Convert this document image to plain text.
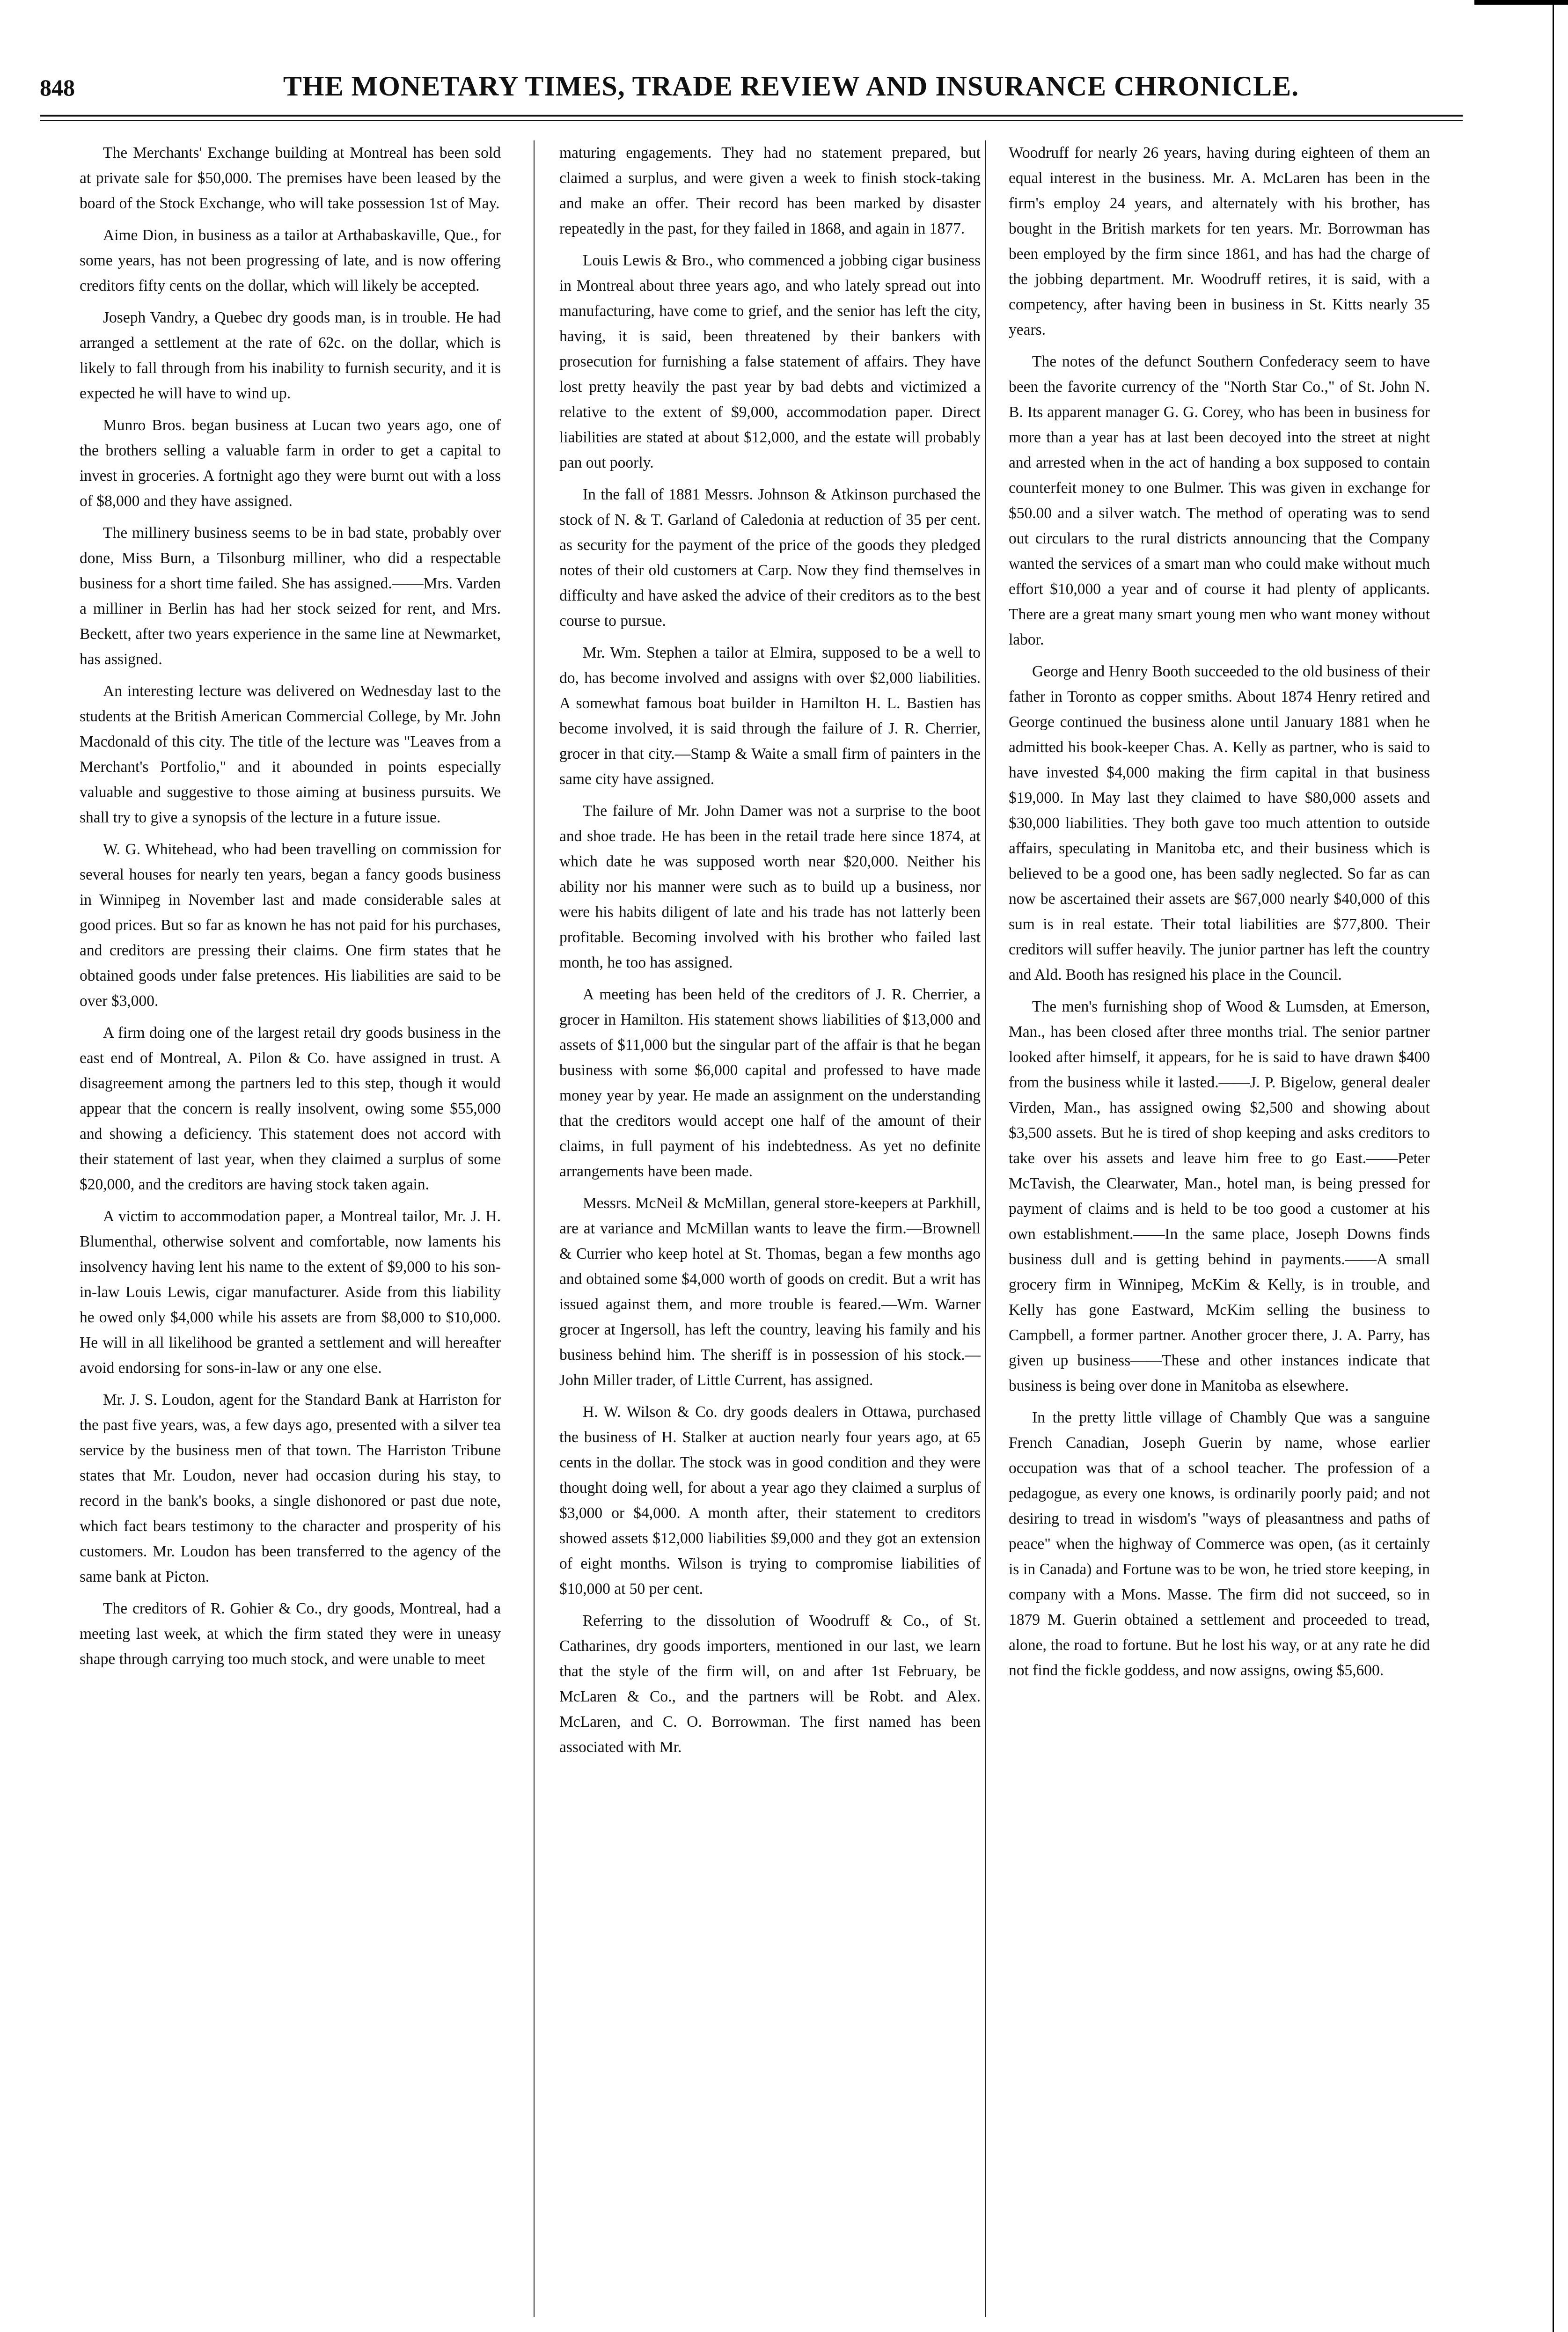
848	THE MONETARY TIMES, TRADE REVIEW AND INSURANCE CHRONICLE.

The Merchants' Exchange building at Montreal has been sold at private sale for $50,000. The premises have been leased by the board of the Stock Exchange, who will take possession 1st of May.

Aime Dion, in business as a tailor at Arthabaskaville, Que., for some years, has not been progressing of late, and is now offering creditors fifty cents on the dollar, which will likely be accepted.

Joseph Vandry, a Quebec dry goods man, is in trouble. He had arranged a settlement at the rate of 62c. on the dollar, which is likely to fall through from his inability to furnish security, and it is expected he will have to wind up.

Munro Bros. began business at Lucan two years ago, one of the brothers selling a valuable farm in order to get a capital to invest in groceries. A fortnight ago they were burnt out with a loss of $8,000 and they have assigned.

The millinery business seems to be in bad state, probably over done, Miss Burn, a Tilsonburg milliner, who did a respectable business for a short time failed. She has assigned.——Mrs. Varden a milliner in Berlin has had her stock seized for rent, and Mrs. Beckett, after two years experience in the same line at Newmarket, has assigned.

An interesting lecture was delivered on Wednesday last to the students at the British American Commercial College, by Mr. John Macdonald of this city. The title of the lecture was "Leaves from a Merchant's Portfolio," and it abounded in points especially valuable and suggestive to those aiming at business pursuits. We shall try to give a synopsis of the lecture in a future issue.

W. G. Whitehead, who had been travelling on commission for several houses for nearly ten years, began a fancy goods business in Winnipeg in November last and made considerable sales at good prices. But so far as known he has not paid for his purchases, and creditors are pressing their claims. One firm states that he obtained goods under false pretences. His liabilities are said to be over $3,000.

A firm doing one of the largest retail dry goods business in the east end of Montreal, A. Pilon & Co. have assigned in trust. A disagreement among the partners led to this step, though it would appear that the concern is really insolvent, owing some $55,000 and showing a deficiency. This statement does not accord with their statement of last year, when they claimed a surplus of some $20,000, and the creditors are having stock taken again.

A victim to accommodation paper, a Montreal tailor, Mr. J. H. Blumenthal, otherwise solvent and comfortable, now laments his insolvency having lent his name to the extent of $9,000 to his son-in-law Louis Lewis, cigar manufacturer. Aside from this liability he owed only $4,000 while his assets are from $8,000 to $10,000. He will in all likelihood be granted a settlement and will hereafter avoid endorsing for sons-in-law or any one else.

Mr. J. S. Loudon, agent for the Standard Bank at Harriston for the past five years, was, a few days ago, presented with a silver tea service by the business men of that town. The Harriston Tribune states that Mr. Loudon, never had occasion during his stay, to record in the bank's books, a single dishonored or past due note, which fact bears testimony to the character and prosperity of his customers. Mr. Loudon has been transferred to the agency of the same bank at Picton.

The creditors of R. Gohier & Co., dry goods, Montreal, had a meeting last week, at which the firm stated they were in uneasy shape through carrying too much stock, and were unable to meet

maturing engagements. They had no statement prepared, but claimed a surplus, and were given a week to finish stock-taking and make an offer. Their record has been marked by disaster repeatedly in the past, for they failed in 1868, and again in 1877.

Louis Lewis & Bro., who commenced a jobbing cigar business in Montreal about three years ago, and who lately spread out into manufacturing, have come to grief, and the senior has left the city, having, it is said, been threatened by their bankers with prosecution for furnishing a false statement of affairs. They have lost pretty heavily the past year by bad debts and victimized a relative to the extent of $9,000, accommodation paper. Direct liabilities are stated at about $12,000, and the estate will probably pan out poorly.

In the fall of 1881 Messrs. Johnson & Atkinson purchased the stock of N. & T. Garland of Caledonia at reduction of 35 per cent. as security for the payment of the price of the goods they pledged notes of their old customers at Carp. Now they find themselves in difficulty and have asked the advice of their creditors as to the best course to pursue.

Mr. Wm. Stephen a tailor at Elmira, supposed to be a well to do, has become involved and assigns with over $2,000 liabilities. A somewhat famous boat builder in Hamilton H. L. Bastien has become involved, it is said through the failure of J. R. Cherrier, grocer in that city.—Stamp & Waite a small firm of painters in the same city have assigned.

The failure of Mr. John Damer was not a surprise to the boot and shoe trade. He has been in the retail trade here since 1874, at which date he was supposed worth near $20,000. Neither his ability nor his manner were such as to build up a business, nor were his habits diligent of late and his trade has not latterly been profitable. Becoming involved with his brother who failed last month, he too has assigned.

A meeting has been held of the creditors of J. R. Cherrier, a grocer in Hamilton. His statement shows liabilities of $13,000 and assets of $11,000 but the singular part of the affair is that he began business with some $6,000 capital and professed to have made money year by year. He made an assignment on the understanding that the creditors would accept one half of the amount of their claims, in full payment of his indebtedness. As yet no definite arrangements have been made.

Messrs. McNeil & McMillan, general store-keepers at Parkhill, are at variance and McMillan wants to leave the firm.—Brownell & Currier who keep hotel at St. Thomas, began a few months ago and obtained some $4,000 worth of goods on credit. But a writ has issued against them, and more trouble is feared.—Wm. Warner grocer at Ingersoll, has left the country, leaving his family and his business behind him. The sheriff is in possession of his stock.—John Miller trader, of Little Current, has assigned.

H. W. Wilson & Co. dry goods dealers in Ottawa, purchased the business of H. Stalker at auction nearly four years ago, at 65 cents in the dollar. The stock was in good condition and they were thought doing well, for about a year ago they claimed a surplus of $3,000 or $4,000. A month after, their statement to creditors showed assets $12,000 liabilities $9,000 and they got an extension of eight months. Wilson is trying to compromise liabilities of $10,000 at 50 per cent.

Referring to the dissolution of Woodruff & Co., of St. Catharines, dry goods importers, mentioned in our last, we learn that the style of the firm will, on and after 1st February, be McLaren & Co., and the partners will be Robt. and Alex. McLaren, and C. O. Borrowman. The first named has been associated with Mr.

Woodruff for nearly 26 years, having during eighteen of them an equal interest in the business. Mr. A. McLaren has been in the firm's employ 24 years, and alternately with his brother, has bought in the British markets for ten years. Mr. Borrowman has been employed by the firm since 1861, and has had the charge of the jobbing department. Mr. Woodruff retires, it is said, with a competency, after having been in business in St. Kitts nearly 35 years.

The notes of the defunct Southern Confederacy seem to have been the favorite currency of the "North Star Co.," of St. John N. B. Its apparent manager G. G. Corey, who has been in business for more than a year has at last been decoyed into the street at night and arrested when in the act of handing a box supposed to contain counterfeit money to one Bulmer. This was given in exchange for $50.00 and a silver watch. The method of operating was to send out circulars to the rural districts announcing that the Company wanted the services of a smart man who could make without much effort $10,000 a year and of course it had plenty of applicants. There are a great many smart young men who want money without labor.

George and Henry Booth succeeded to the old business of their father in Toronto as copper smiths. About 1874 Henry retired and George continued the business alone until January 1881 when he admitted his book-keeper Chas. A. Kelly as partner, who is said to have invested $4,000 making the firm capital in that business $19,000. In May last they claimed to have $80,000 assets and $30,000 liabilities. They both gave too much attention to outside affairs, speculating in Manitoba etc, and their business which is believed to be a good one, has been sadly neglected. So far as can now be ascertained their assets are $67,000 nearly $40,000 of this sum is in real estate. Their total liabilities are $77,800. Their creditors will suffer heavily. The junior partner has left the country and Ald. Booth has resigned his place in the Council.

The men's furnishing shop of Wood & Lumsden, at Emerson, Man., has been closed after three months trial. The senior partner looked after himself, it appears, for he is said to have drawn $400 from the business while it lasted.——J. P. Bigelow, general dealer Virden, Man., has assigned owing $2,500 and showing about $3,500 assets. But he is tired of shop keeping and asks creditors to take over his assets and leave him free to go East.——Peter McTavish, the Clearwater, Man., hotel man, is being pressed for payment of claims and is held to be too good a customer at his own establishment.——In the same place, Joseph Downs finds business dull and is getting behind in payments.——A small grocery firm in Winnipeg, McKim & Kelly, is in trouble, and Kelly has gone Eastward, McKim selling the business to Campbell, a former partner. Another grocer there, J. A. Parry, has given up business——These and other instances indicate that business is being over done in Manitoba as elsewhere.

In the pretty little village of Chambly Que was a sanguine French Canadian, Joseph Guerin by name, whose earlier occupation was that of a school teacher. The profession of a pedagogue, as every one knows, is ordinarily poorly paid; and not desiring to tread in wisdom's "ways of pleasantness and paths of peace" when the highway of Commerce was open, (as it certainly is in Canada) and Fortune was to be won, he tried store keeping, in company with a Mons. Masse. The firm did not succeed, so in 1879 M. Guerin obtained a settlement and proceeded to tread, alone, the road to fortune. But he lost his way, or at any rate he did not find the fickle goddess, and now assigns, owing $5,600.
